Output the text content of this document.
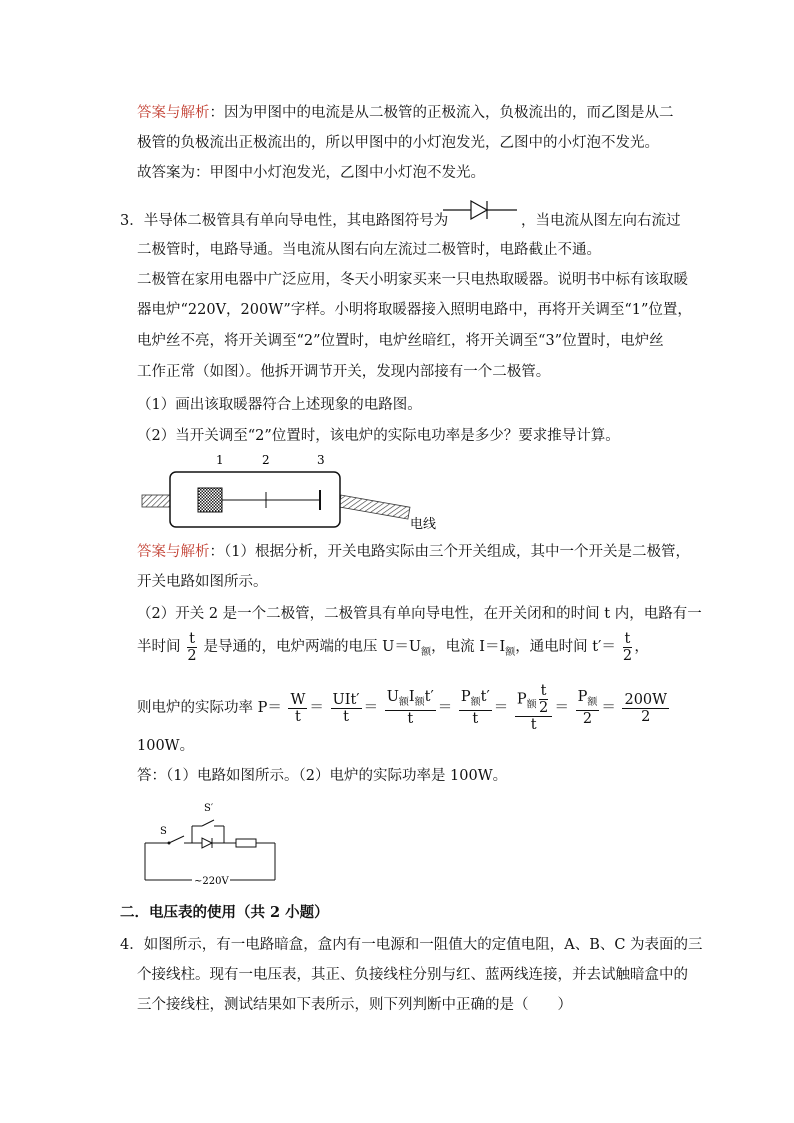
答案与解析：因为甲图中的电流是从二极管的正极流入，负极流出的，而乙图是从二
极管的负极流出正极流出的，所以甲图中的小灯泡发光，乙图中的小灯泡不发光。
故答案为：甲图中小灯泡发光，乙图中小灯泡不发光。
3．半导体二极管具有单向导电性，其电路图符号为	，当电流从图左向右流过
二极管时，电路导通。当电流从图右向左流过二极管时，电路截止不通。
二极管在家用电器中广泛应用，冬天小明家买来一只电热取暖器。说明书中标有该取暖
器电炉“220V，200W”字样。小明将取暖器接入照明电路中，再将开关调至“1”位置，
电炉丝不亮，将开关调至“2”位置时，电炉丝暗红，将开关调至“3”位置时，电炉丝
工作正常（如图）。他拆开调节开关，发现内部接有一个二极管。
（1）画出该取暖器符合上述现象的电路图。
（2）当开关调至“2”位置时，该电炉的实际电功率是多少？要求推导计算。
1	2	3
电线
答案与解析：（1）根据分析，开关电路实际由三个开关组成，其中一个开关是二极管，
开关电路如图所示。
（2）开关 2 是一个二极管，二极管具有单向导电性，在开关闭和的时间 t 内，电路有一
半时间 $\frac{t}{2}$ 是导通的，电炉两端的电压 $U=U_额$，电流 $I=I_额$，通电时间 $t'= \frac{t}{2}$ ，
则电炉的实际功率 $P= \frac{W}{t} = \frac{\text{UIt′}}{t} = \frac{U_额I_额t'}{t} = \frac{P_额t'}{t} = \frac{P_额 \frac{t}{2}}{t} = \frac{P_额}{2} = \frac{200W}{2}$
100W。
答：（1）电路如图所示。（2）电炉的实际功率是 100W。
S
S′
~220V
二．电压表的使用（共 2 小题）
4．如图所示，有一电路暗盒，盒内有一电源和一阻值大的定值电阻，A、B、C 为表面的三
个接线柱。现有一电压表，其正、负接线柱分别与红、蓝两线连接，并去试触暗盒中的
三个接线柱，测试结果如下表所示，则下列判断中正确的是（　　）
